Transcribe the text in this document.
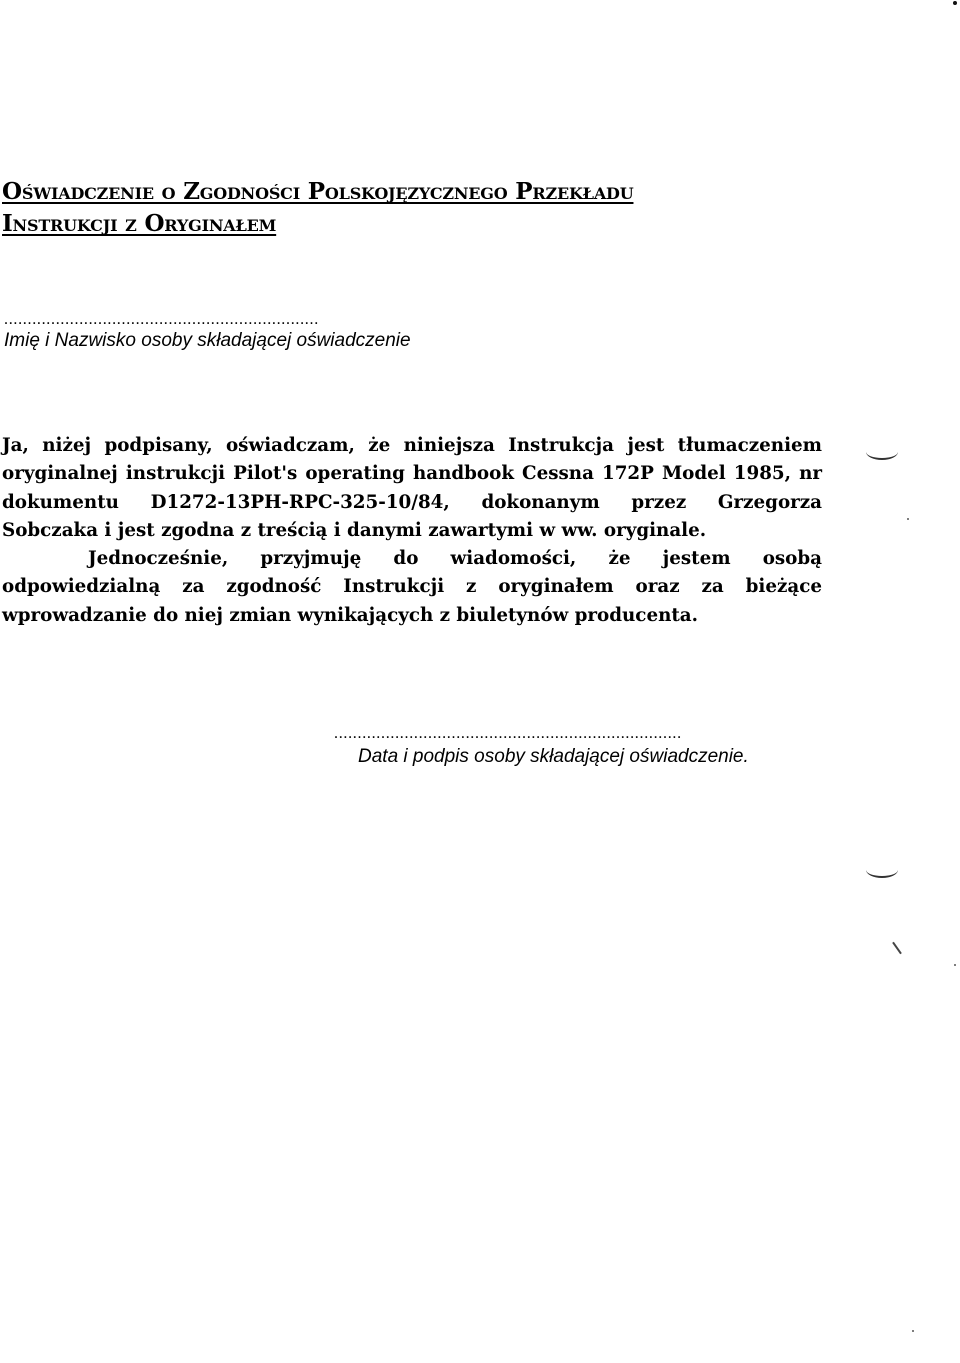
Oświadczenie o Zgodności Polskojęzycznego Przekładu
Instrukcji z Oryginałem
...................................................................

Imię i Nazwisko osoby składającej oświadczenie

Ja, niżej podpisany, oświadczam, że niniejsza Instrukcja jest tłumaczeniem oryginalnej instrukcji Pilot's operating handbook Cessna 172P Model 1985, nr dokumentu D1272-13PH-RPC-325-10/84, dokonanym przez Grzegorza Sobczaka i jest zgodna z treścią i danymi zawartymi w ww. oryginale.

Jednocześnie, przyjmuję do wiadomości, że jestem osobą odpowiedzialną za zgodność Instrukcji z oryginałem oraz za bieżące wprowadzanie do niej zmian wynikających z biuletynów producenta.

..........................................................................

Data i podpis osoby składającej oświadczenie.
